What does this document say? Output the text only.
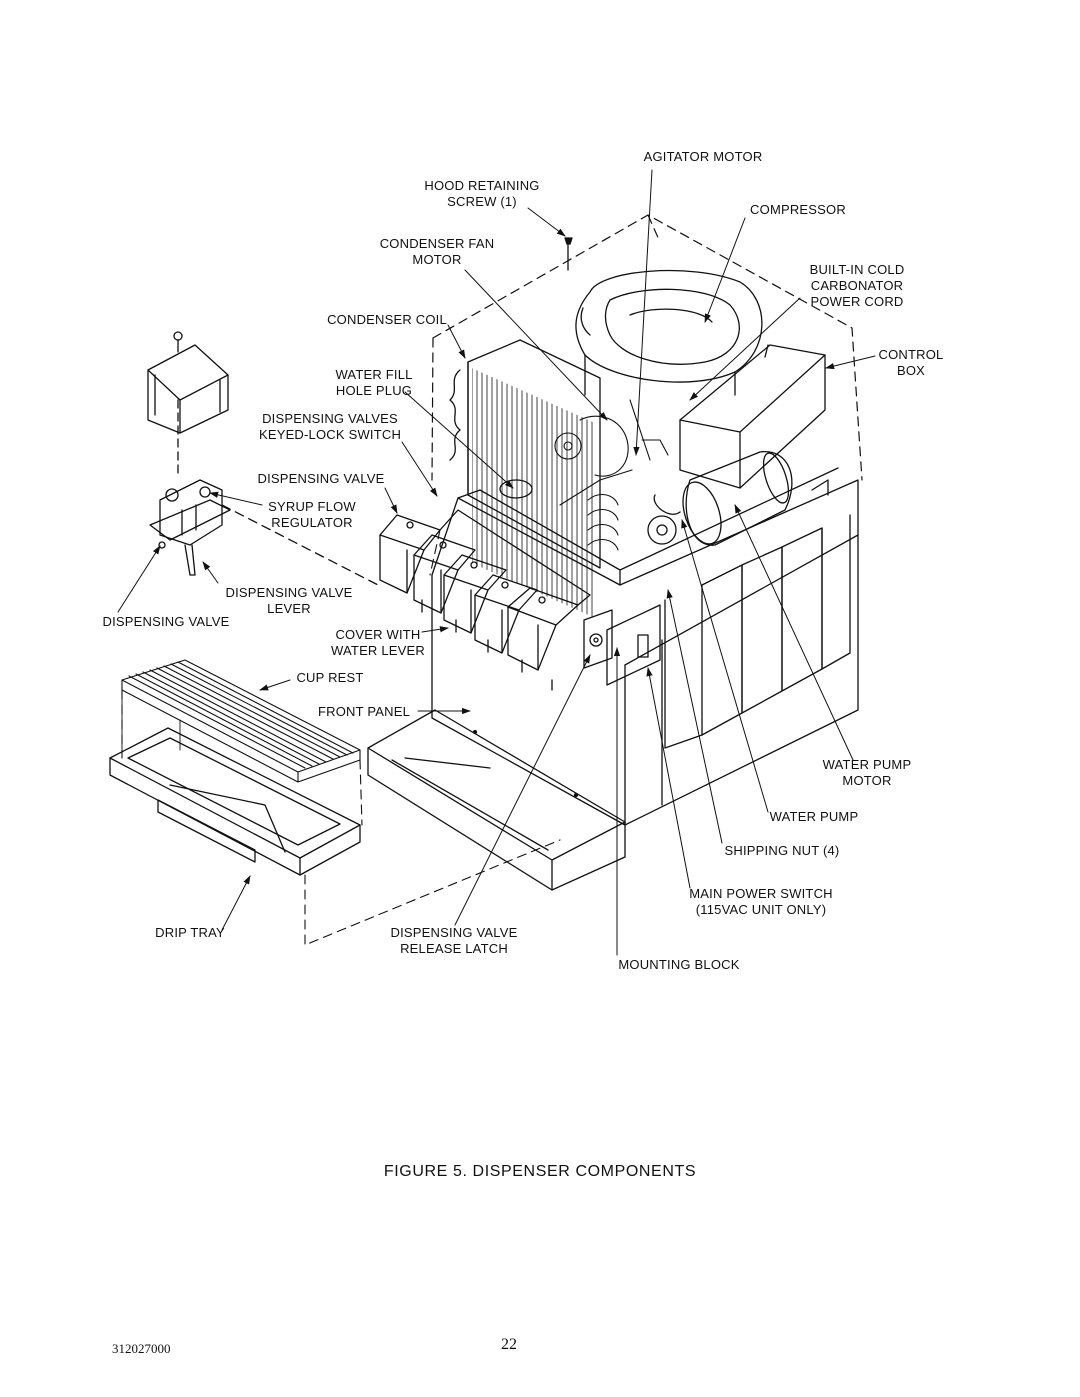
AGITATOR MOTOR
HOOD RETAINING
SCREW (1)
COMPRESSOR
CONDENSER FAN
MOTOR
BUILT-IN COLD
CARBONATOR
POWER CORD
CONDENSER COIL
CONTROL
BOX
WATER FILL
HOLE PLUG
DISPENSING VALVES
KEYED-LOCK SWITCH
DISPENSING VALVE
SYRUP FLOW
REGULATOR
DISPENSING VALVE
LEVER
DISPENSING VALVE
COVER WITH
WATER LEVER
CUP REST
FRONT PANEL
WATER PUMP
MOTOR
WATER PUMP
SHIPPING NUT (4)
MAIN POWER SWITCH
(115VAC UNIT ONLY)
DRIP TRAY	DISPENSING VALVE
RELEASE LATCH
MOUNTING BLOCK
FIGURE 5. DISPENSER COMPONENTS
312027000	22
